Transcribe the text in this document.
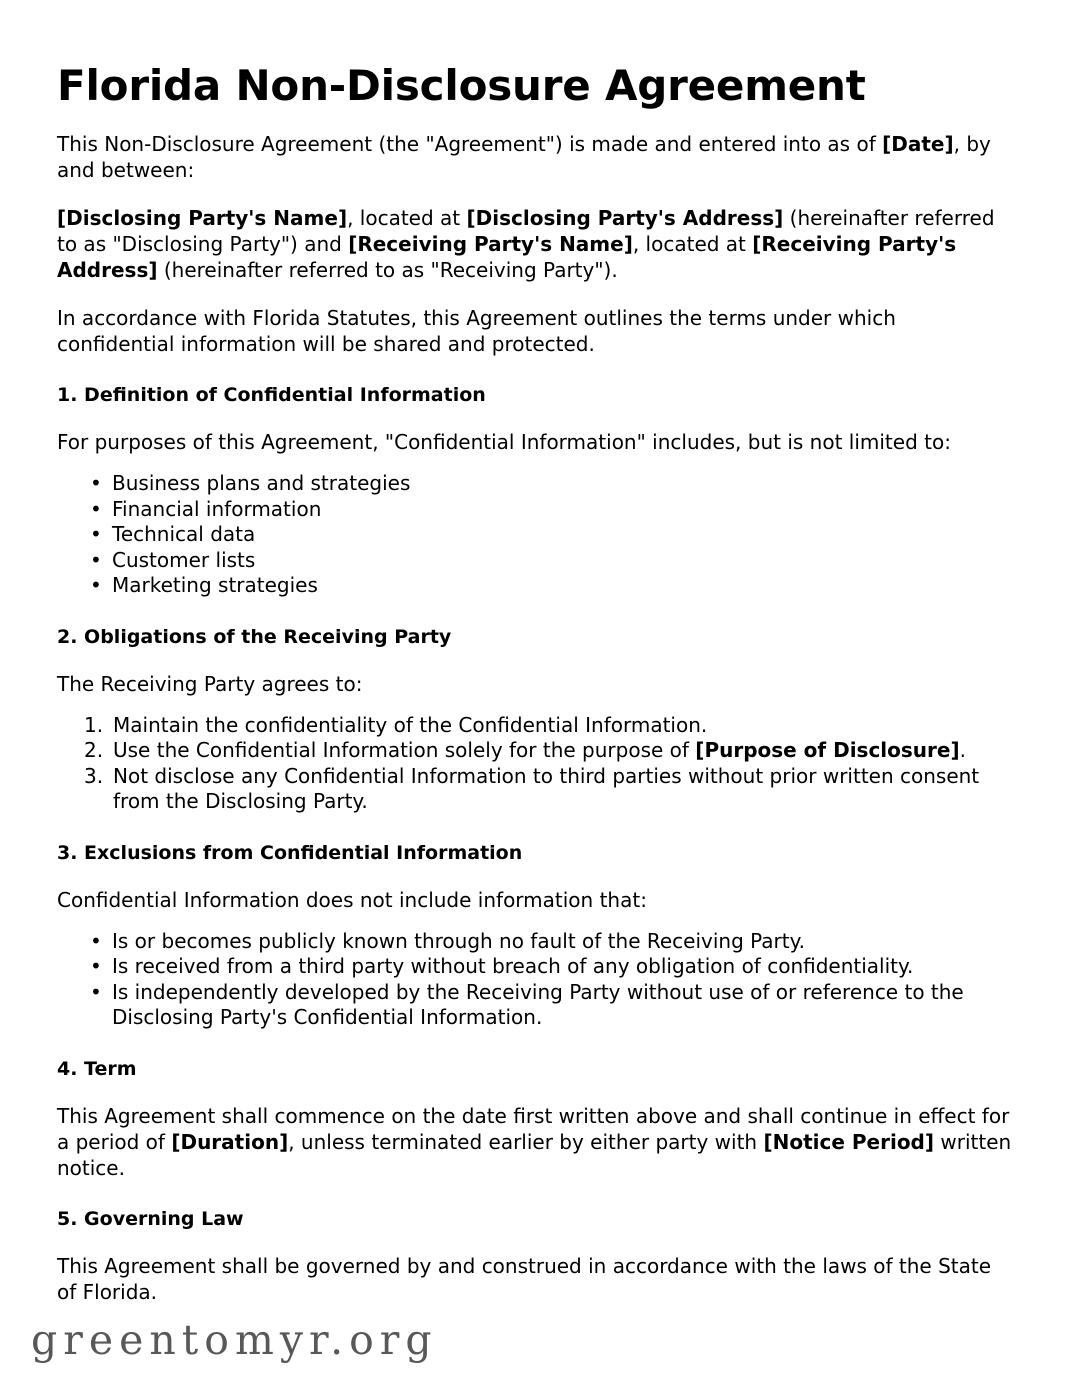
Florida Non-Disclosure Agreement

This Non-Disclosure Agreement (the "Agreement") is made and entered into as of [Date], by and between:

[Disclosing Party's Name], located at [Disclosing Party's Address] (hereinafter referred to as "Disclosing Party") and [Receiving Party's Name], located at [Receiving Party's Address] (hereinafter referred to as "Receiving Party").

In accordance with Florida Statutes, this Agreement outlines the terms under which confidential information will be shared and protected.

1. Definition of Confidential Information

For purposes of this Agreement, "Confidential Information" includes, but is not limited to:

• Business plans and strategies
• Financial information
• Technical data
• Customer lists
• Marketing strategies
2. Obligations of the Receiving Party

The Receiving Party agrees to:

Maintain the confidentiality of the Confidential Information.
Use the Confidential Information solely for the purpose of [Purpose of Disclosure].
Not disclose any Confidential Information to third parties without prior written consent from the Disclosing Party.
3. Exclusions from Confidential Information

Confidential Information does not include information that:

• Is or becomes publicly known through no fault of the Receiving Party.
• Is received from a third party without breach of any obligation of confidentiality.
• Is independently developed by the Receiving Party without use of or reference to the Disclosing Party's Confidential Information.
4. Term

This Agreement shall commence on the date first written above and shall continue in effect for a period of [Duration], unless terminated earlier by either party with [Notice Period] written notice.

5. Governing Law

This Agreement shall be governed by and construed in accordance with the laws of the State of Florida.

greentomyr.org
